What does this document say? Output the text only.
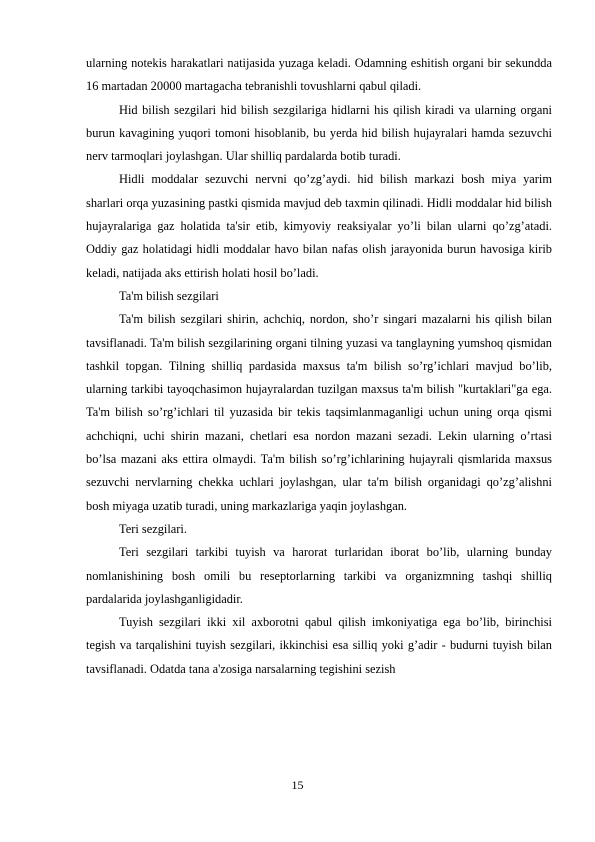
ularning notekis harakatlari natijasida yuzaga keladi. Odamning eshitish organi bir sekundda 16 martadan 20000 martagacha tebranishli tovushlarni qabul qiladi.

Hid bilish sezgilari hid bilish sezgilariga hidlarni his qilish kiradi va ularning organi burun kavagining yuqori tomoni hisoblanib, bu yerda hid bilish hujayralari hamda sezuvchi nerv tarmoqlari joylashgan. Ular shilliq pardalarda botib turadi.

Hidli moddalar sezuvchi nervni qo’zg’aydi. hid bilish markazi bosh miya yarim sharlari orqa yuzasining pastki qismida mavjud deb taxmin qilinadi. Hidli moddalar hid bilish hujayralariga gaz holatida ta'sir etib, kimyoviy reaksiyalar yo’li bilan ularni qo’zg’atadi. Oddiy gaz holatidagi hidli moddalar havo bilan nafas olish jarayonida burun havosiga kirib keladi, natijada aks ettirish holati hosil bo’ladi.

Ta'm bilish sezgilari

Ta'm bilish sezgilari shirin, achchiq, nordon, sho’r singari mazalarni his qilish bilan tavsiflanadi. Ta'm bilish sezgilarining organi tilning yuzasi va tanglayning yumshoq qismidan tashkil topgan. Tilning shilliq pardasida maxsus ta'm bilish so’rg’ichlari mavjud bo’lib, ularning tarkibi tayoqchasimon hujayralardan tuzilgan maxsus ta'm bilish "kurtaklari"ga ega. Ta'm bilish so’rg’ichlari til yuzasida bir tekis taqsimlanmaganligi uchun uning orqa qismi achchiqni, uchi shirin mazani, chetlari esa nordon mazani sezadi. Lekin ularning o’rtasi bo’lsa mazani aks ettira olmaydi. Ta'm bilish so’rg’ichlarining hujayrali qismlarida maxsus sezuvchi nervlarning chekka uchlari joylashgan, ular ta'm bilish organidagi qo’zg’alishni bosh miyaga uzatib turadi, uning markazlariga yaqin joylashgan.

Teri sezgilari.

Teri sezgilari tarkibi tuyish va harorat turlaridan iborat bo’lib, ularning bunday nomlanishining bosh omili bu reseptorlarning tarkibi va organizmning tashqi shilliq pardalarida joylashganligidadir.

Tuyish sezgilari ikki xil axborotni qabul qilish imkoniyatiga ega bo’lib, birinchisi tegish va tarqalishini tuyish sezgilari, ikkinchisi esa silliq yoki g’adir - budurni tuyish bilan tavsiflanadi. Odatda tana a'zosiga narsalarning tegishini sezish

15
